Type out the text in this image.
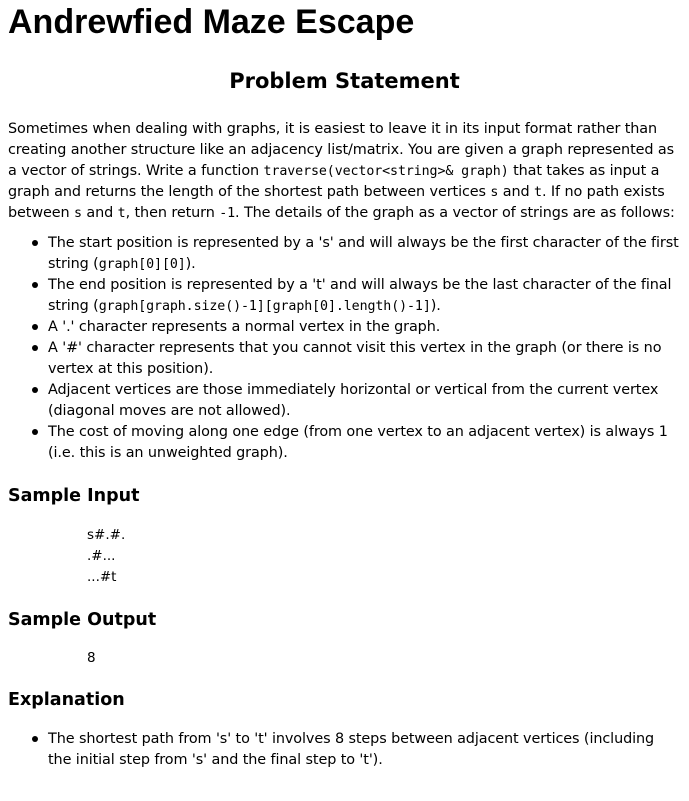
Andrewfied Maze Escape
Problem Statement

Sometimes when dealing with graphs, it is easiest to leave it in its input format rather than creating another structure like an adjacency list/matrix. You are given a graph represented as a vector of strings. Write a function traverse(vector<string>& graph) that takes as input a graph and returns the length of the shortest path between vertices s and t. If no path exists between s and t, then return -1. The details of the graph as a vector of strings are as follows:

The start position is represented by a 's' and will always be the first character of the first string (graph[0][0]).
The end position is represented by a 't' and will always be the last character of the final string (graph[graph.size()-1][graph[0].length()-1]).
A '.' character represents a normal vertex in the graph.
A '#' character represents that you cannot visit this vertex in the graph (or there is no vertex at this position).
Adjacent vertices are those immediately horizontal or vertical from the current vertex (diagonal moves are not allowed).
The cost of moving along one edge (from one vertex to an adjacent vertex) is always 1 (i.e. this is an unweighted graph).
Sample Input
s#.#.
.#...
...#t
Sample Output
8
Explanation
The shortest path from 's' to 't' involves 8 steps between adjacent vertices (including the initial step from 's' and the final step to 't').
